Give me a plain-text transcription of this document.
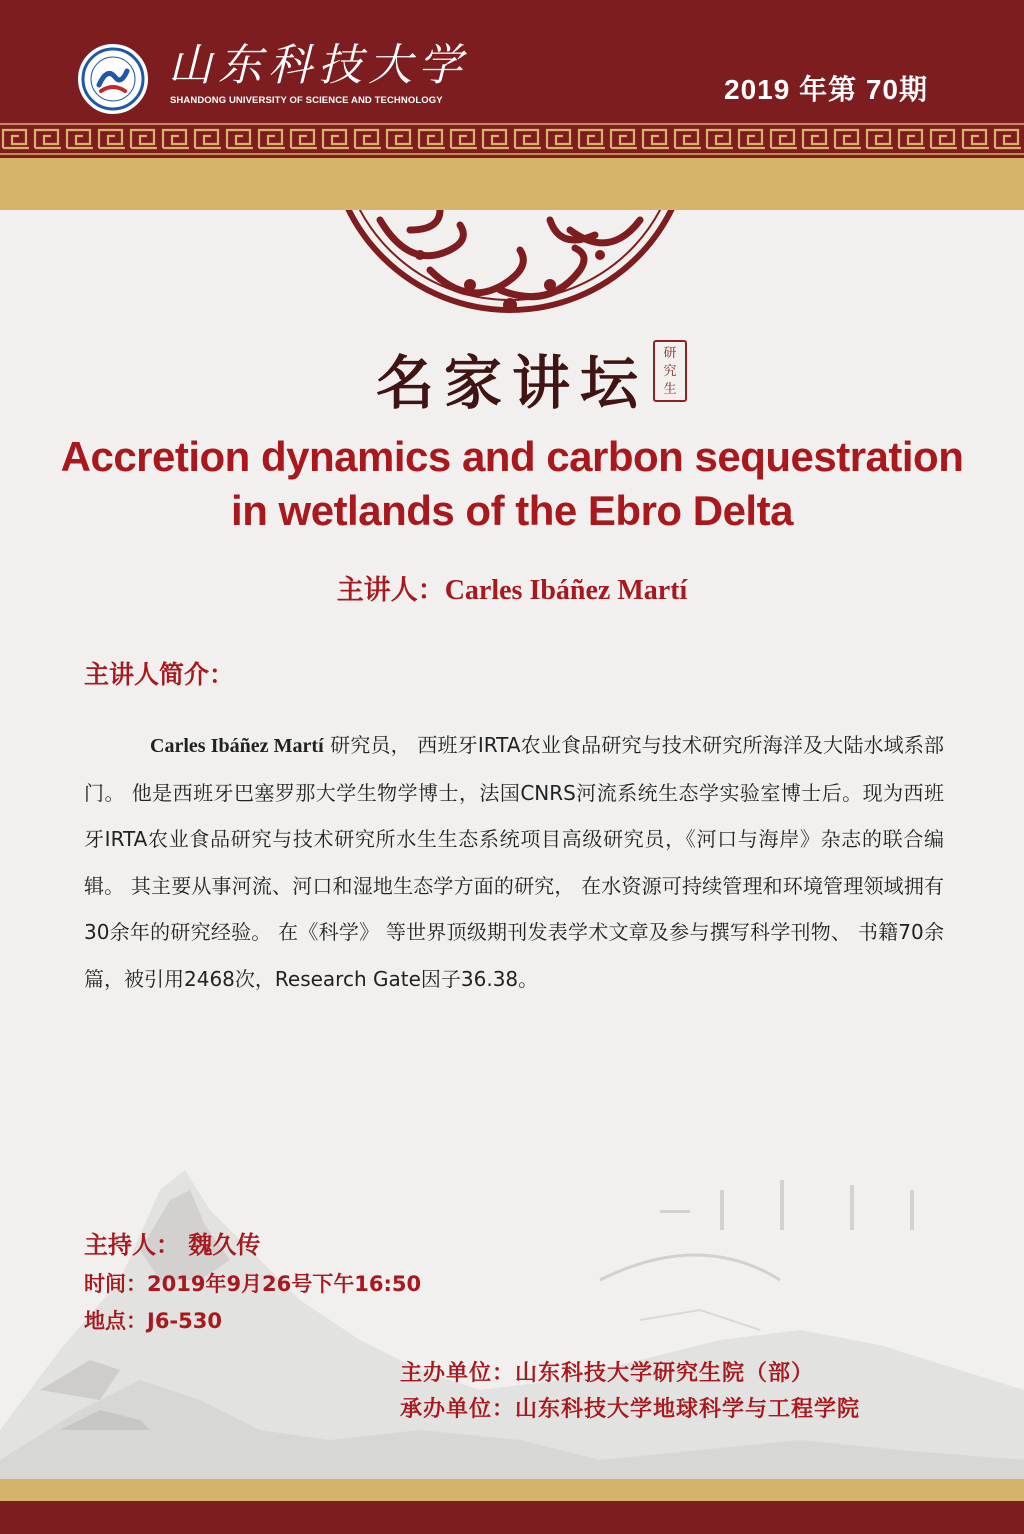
山东科技大学
SHANDONG UNIVERSITY OF SCIENCE AND TECHNOLOGY	2019 年第 70期
名家讲坛	研
究
生
Accretion dynamics and carbon sequestration
in wetlands of the Ebro Delta
主讲人：Carles Ibáñez Martí
主讲人简介：
Carles Ibáñez Martí 研究员， 西班牙IRTA农业食品研究与技术研究所海洋及大陆水域系部门。 他是西班牙巴塞罗那大学生物学博士，法国CNRS河流系统生态学实验室博士后。现为西班牙IRTA农业食品研究与技术研究所水生生态系统项目高级研究员，《河口与海岸》杂志的联合编辑。 其主要从事河流、河口和湿地生态学方面的研究， 在水资源可持续管理和环境管理领域拥有30余年的研究经验。 在《科学》 等世界顶级期刊发表学术文章及参与撰写科学刊物、 书籍70余篇，被引用2468次，Research Gate因子36.38。
主持人： 魏久传
时间：2019年9月26号下午16:50
地点：J6-530
主办单位：山东科技大学研究生院（部）
承办单位：山东科技大学地球科学与工程学院
